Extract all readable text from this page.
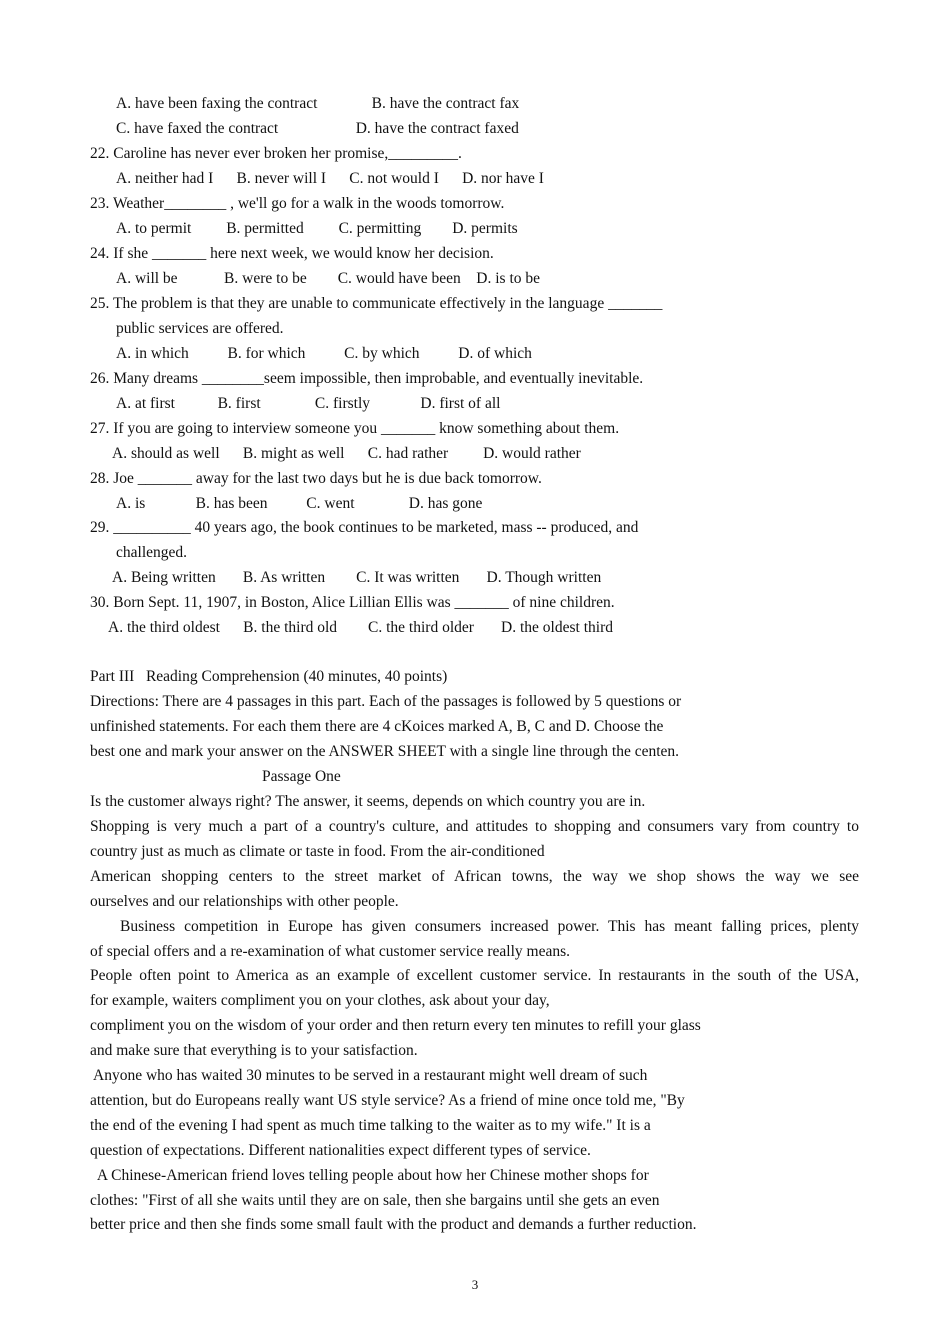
A. have been faxing the contract              B. have the contract fax
C. have faxed the contract                    D. have the contract faxed
22. Caroline has never ever broken her promise,_________.
A. neither had I      B. never will I      C. not would I      D. nor have I
23. Weather________ , we'll go for a walk in the woods tomorrow.
A. to permit         B. permitted         C. permitting        D. permits
24. If she _______ here next week, we would know her decision.
A. will be            B. were to be        C. would have been    D. is to be
25. The problem is that they are unable to communicate effectively in the language _______
public services are offered.
A. in which          B. for which          C. by which          D. of which
26. Many dreams ________seem impossible, then improbable, and eventually inevitable.
A. at first           B. first              C. firstly             D. first of all
27. If you are going to interview someone you _______ know something about them.
A. should as well      B. might as well      C. had rather         D. would rather
28. Joe _______ away for the last two days but he is due back tomorrow.
A. is             B. has been          C. went              D. has gone
29. __________ 40 years ago, the book continues to be marketed, mass -- produced, and
challenged.
A. Being written       B. As written        C. It was written       D. Though written
30. Born Sept. 11, 1907, in Boston, Alice Lillian Ellis was _______ of nine children.
A. the third oldest      B. the third old        C. the third older       D. the oldest third
Part III   Reading Comprehension (40 minutes, 40 points)
Directions: There are 4 passages in this part. Each of the passages is followed by 5 questions or
unfinished statements. For each them there are 4 cKoices marked A, B, C and D. Choose the
best one and mark your answer on the ANSWER SHEET with a single line through the centen.
Passage One
Is the customer always right? The answer, it seems, depends on which country you are in.
Shopping is very much a part of a country's culture, and attitudes to shopping and consumers vary from country to
country just as much as climate or taste in food. From the air-conditioned
American shopping centers to the street market of African towns, the way we shop shows the way we see
ourselves and our relationships with other people.
Business competition in Europe has given consumers increased power. This has meant falling prices, plenty
of special offers and a re-examination of what customer service really means.
People often point to America as an example of excellent customer service. In restaurants in the south of the USA,
for example, waiters compliment you on your clothes, ask about your day,
compliment you on the wisdom of your order and then return every ten minutes to refill your glass
and make sure that everything is to your satisfaction.
Anyone who has waited 30 minutes to be served in a restaurant might well dream of such
attention, but do Europeans really want US style service? As a friend of mine once told me, "By
the end of the evening I had spent as much time talking to the waiter as to my wife." It is a
question of expectations. Different nationalities expect different types of service.
A Chinese-American friend loves telling people about how her Chinese mother shops for
clothes: "First of all she waits until they are on sale, then she bargains until she gets an even
better price and then she finds some small fault with the product and demands a further reduction.
3
